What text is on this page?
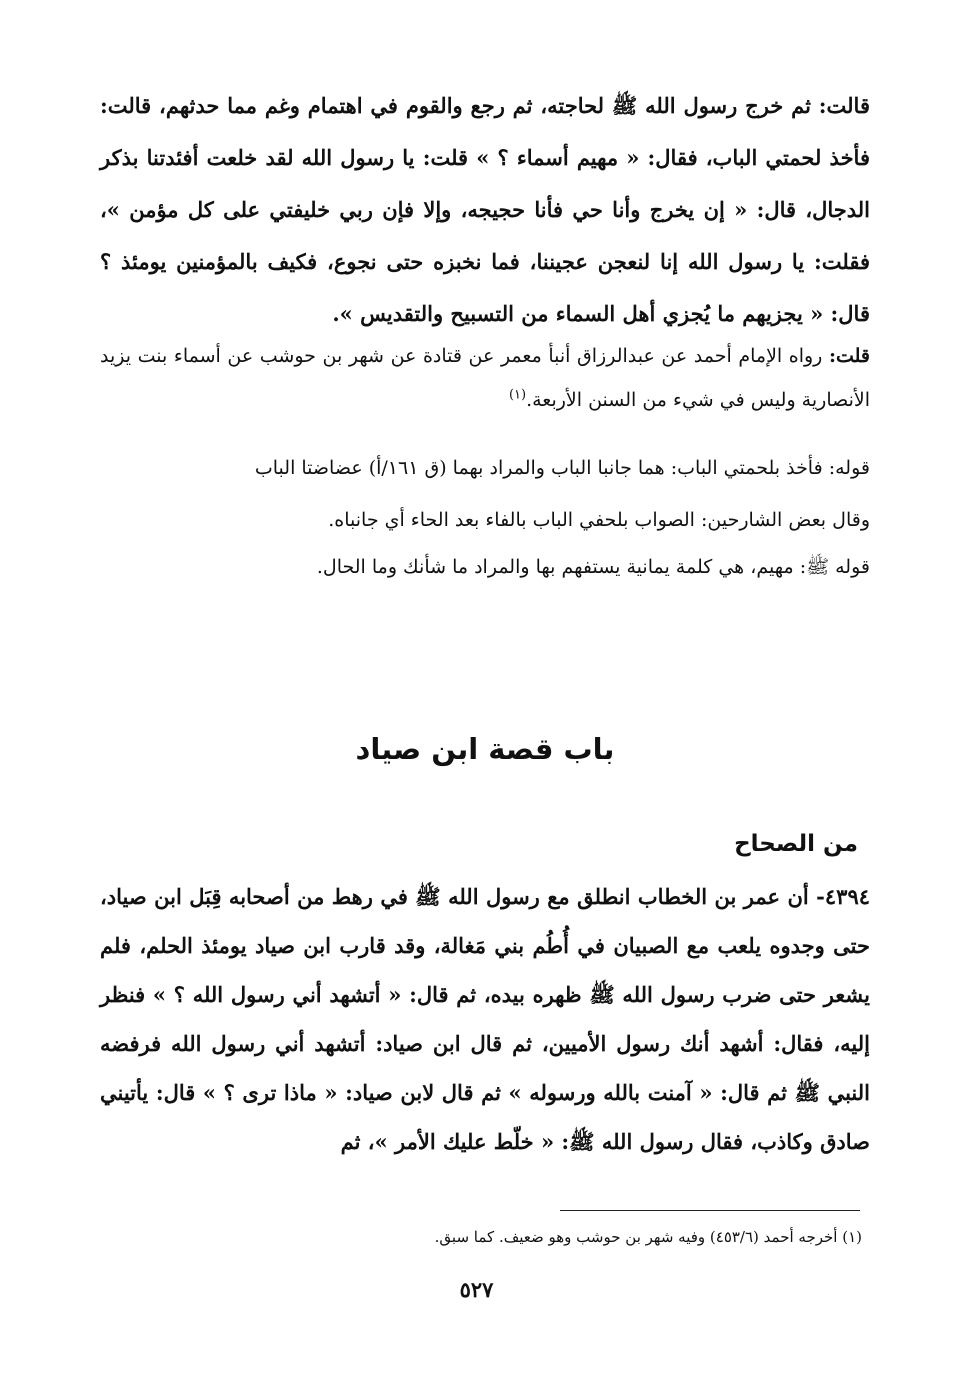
قالت: ثم خرج رسول الله ﷺ لحاجته، ثم رجع والقوم في اهتمام وغم مما حدثهم، قالت: فأخذ لحمتي الباب، فقال: « مهيم أسماء ؟ » قلت: يا رسول الله لقد خلعت أفئدتنا بذكر الدجال، قال: « إن يخرج وأنا حي فأنا حجيجه، وإلا فإن ربي خليفتي على كل مؤمن »، فقلت: يا رسول الله إنا لنعجن عجيننا، فما نخبزه حتى نجوع، فكيف بالمؤمنين يومئذ ؟ قال: « يجزيهم ما يُجزي أهل السماء من التسبيح والتقديس ».

قلت: رواه الإمام أحمد عن عبدالرزاق أنبأ معمر عن قتادة عن شهر بن حوشب عن أسماء بنت يزيد الأنصارية وليس في شيء من السنن الأربعة.$^{(١)}$

قوله: فأخذ بلحمتي الباب: هما جانبا الباب والمراد بهما (ق ١٦١/أ) عضاضتا الباب

وقال بعض الشارحين: الصواب بلحفي الباب بالفاء بعد الحاء أي جانباه.

قوله ﷺ: مهيم، هي كلمة يمانية يستفهم بها والمراد ما شأنك وما الحال.

باب قصة ابن صياد
من الصحاح

٤٣٩٤- أن عمر بن الخطاب انطلق مع رسول الله ﷺ في رهط من أصحابه قِبَل ابن صياد، حتى وجدوه يلعب مع الصبيان في أُطُم بني مَغالة، وقد قارب ابن صياد يومئذ الحلم، فلم يشعر حتى ضرب رسول الله ﷺ ظهره بيده، ثم قال: « أتشهد أني رسول الله ؟ » فنظر إليه، فقال: أشهد أنك رسول الأميين، ثم قال ابن صياد: أتشهد أني رسول الله فرفضه النبي ﷺ ثم قال: « آمنت بالله ورسوله » ثم قال لابن صياد: « ماذا ترى ؟ » قال: يأتيني صادق وكاذب، فقال رسول الله ﷺ: « خلّط عليك الأمر »، ثم

(١) أخرجه أحمد (٤٥٣/٦) وفيه شهر بن حوشب وهو ضعيف. كما سبق.
٥٢٧
